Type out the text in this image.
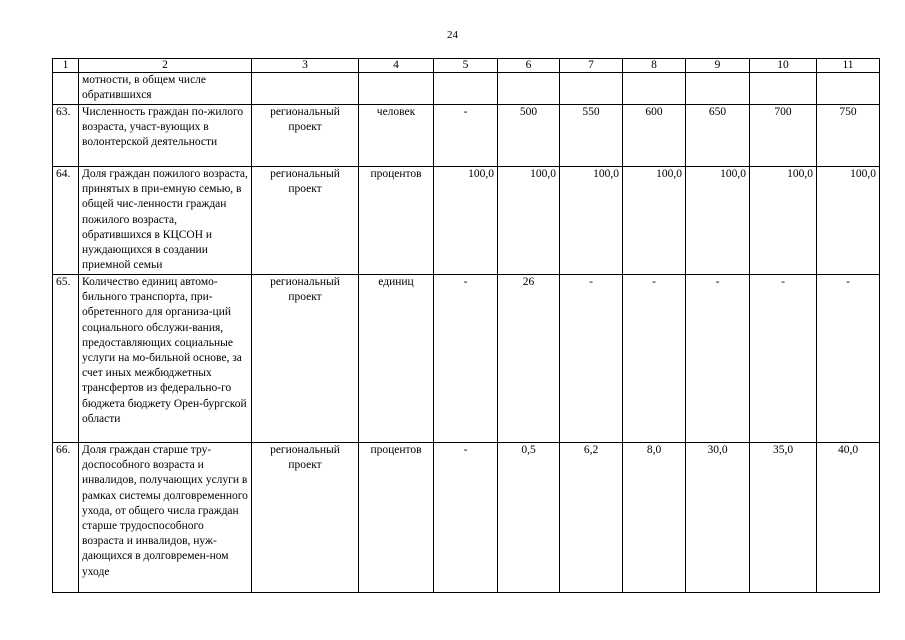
24
1	2	3	4	5	6	7	8	9	10	11
	мотности, в общем числе обратившихся									
63.	Численность граждан по-жилого возраста, участ-вующих в волонтерской деятельности	региональный проект	человек	-	500	550	600	650	700	750
64.	Доля граждан пожилого возраста, принятых в при-емную семью, в общей чис-ленности граждан пожилого возраста, обратившихся в КЦСОН и нуждающихся в создании приемной семьи	региональный проект	процентов	100,0	100,0	100,0	100,0	100,0	100,0	100,0
65.	Количество единиц автомо-бильного транспорта, при-обретенного для организа-ций социального обслужи-вания, предоставляющих социальные услуги на мо-бильной основе, за счет иных межбюджетных трансфертов из федерально-го бюджета бюджету Орен-бургской области	региональный проект	единиц	-	26	-	-	-	-	-
66.	Доля граждан старше тру-доспособного возраста и инвалидов, получающих услуги в рамках системы долговременного ухода, от общего числа граждан старше трудоспособного возраста и инвалидов, нуж-дающихся в долговремен-ном уходе	региональный проект	процентов	-	0,5	6,2	8,0	30,0	35,0	40,0
